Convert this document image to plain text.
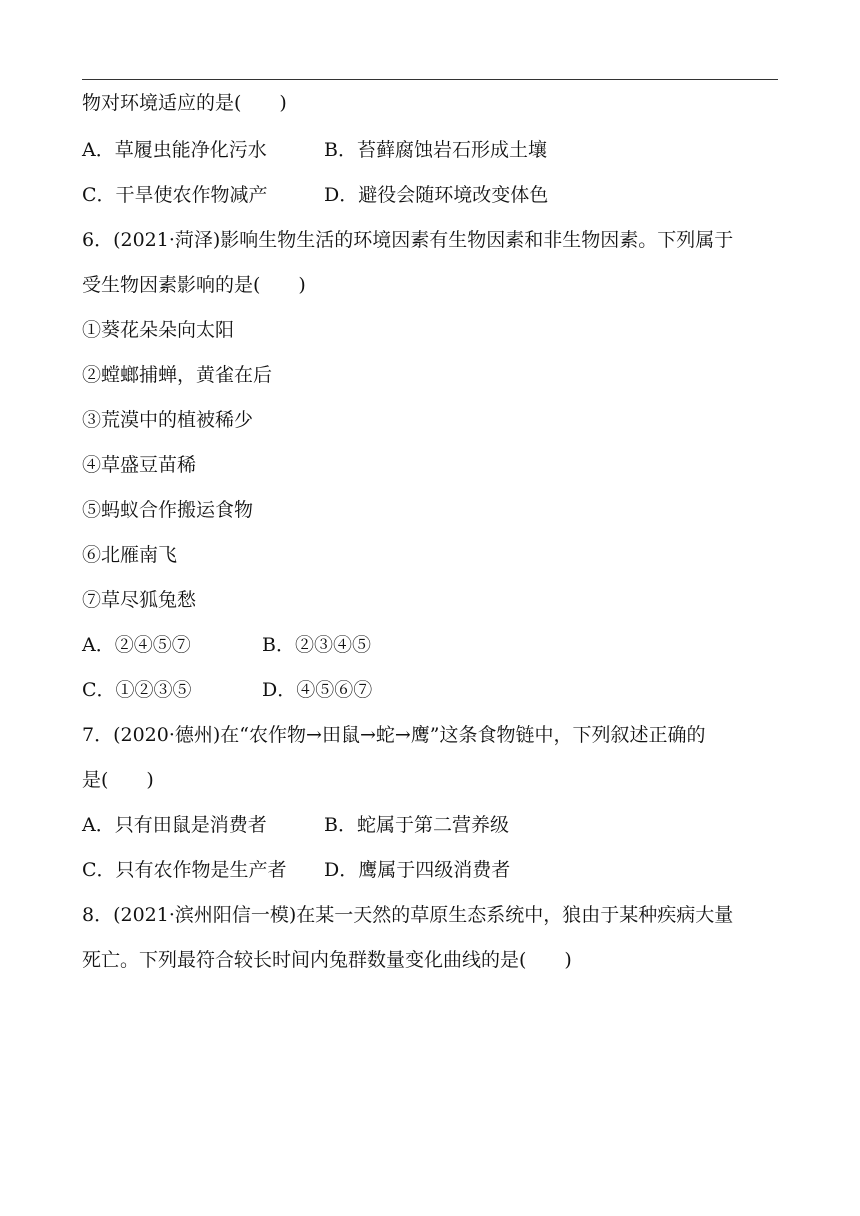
物对环境适应的是(　　)
A．草履虫能净化污水	B．苔藓腐蚀岩石形成土壤
C．干旱使农作物减产	D．避役会随环境改变体色
6．(2021·菏泽)影响生物生活的环境因素有生物因素和非生物因素。下列属于
受生物因素影响的是(　　)
①葵花朵朵向太阳
②螳螂捕蝉，黄雀在后
③荒漠中的植被稀少
④草盛豆苗稀
⑤蚂蚁合作搬运食物
⑥北雁南飞
⑦草尽狐兔愁
A．②④⑤⑦	B．②③④⑤
C．①②③⑤	D．④⑤⑥⑦
7．(2020·德州)在“农作物→田鼠→蛇→鹰”这条食物链中，下列叙述正确的
是(　　)
A．只有田鼠是消费者	B．蛇属于第二营养级
C．只有农作物是生产者 D．鹰属于四级消费者
8．(2021·滨州阳信一模)在某一天然的草原生态系统中，狼由于某种疾病大量
死亡。下列最符合较长时间内兔群数量变化曲线的是(　　)
